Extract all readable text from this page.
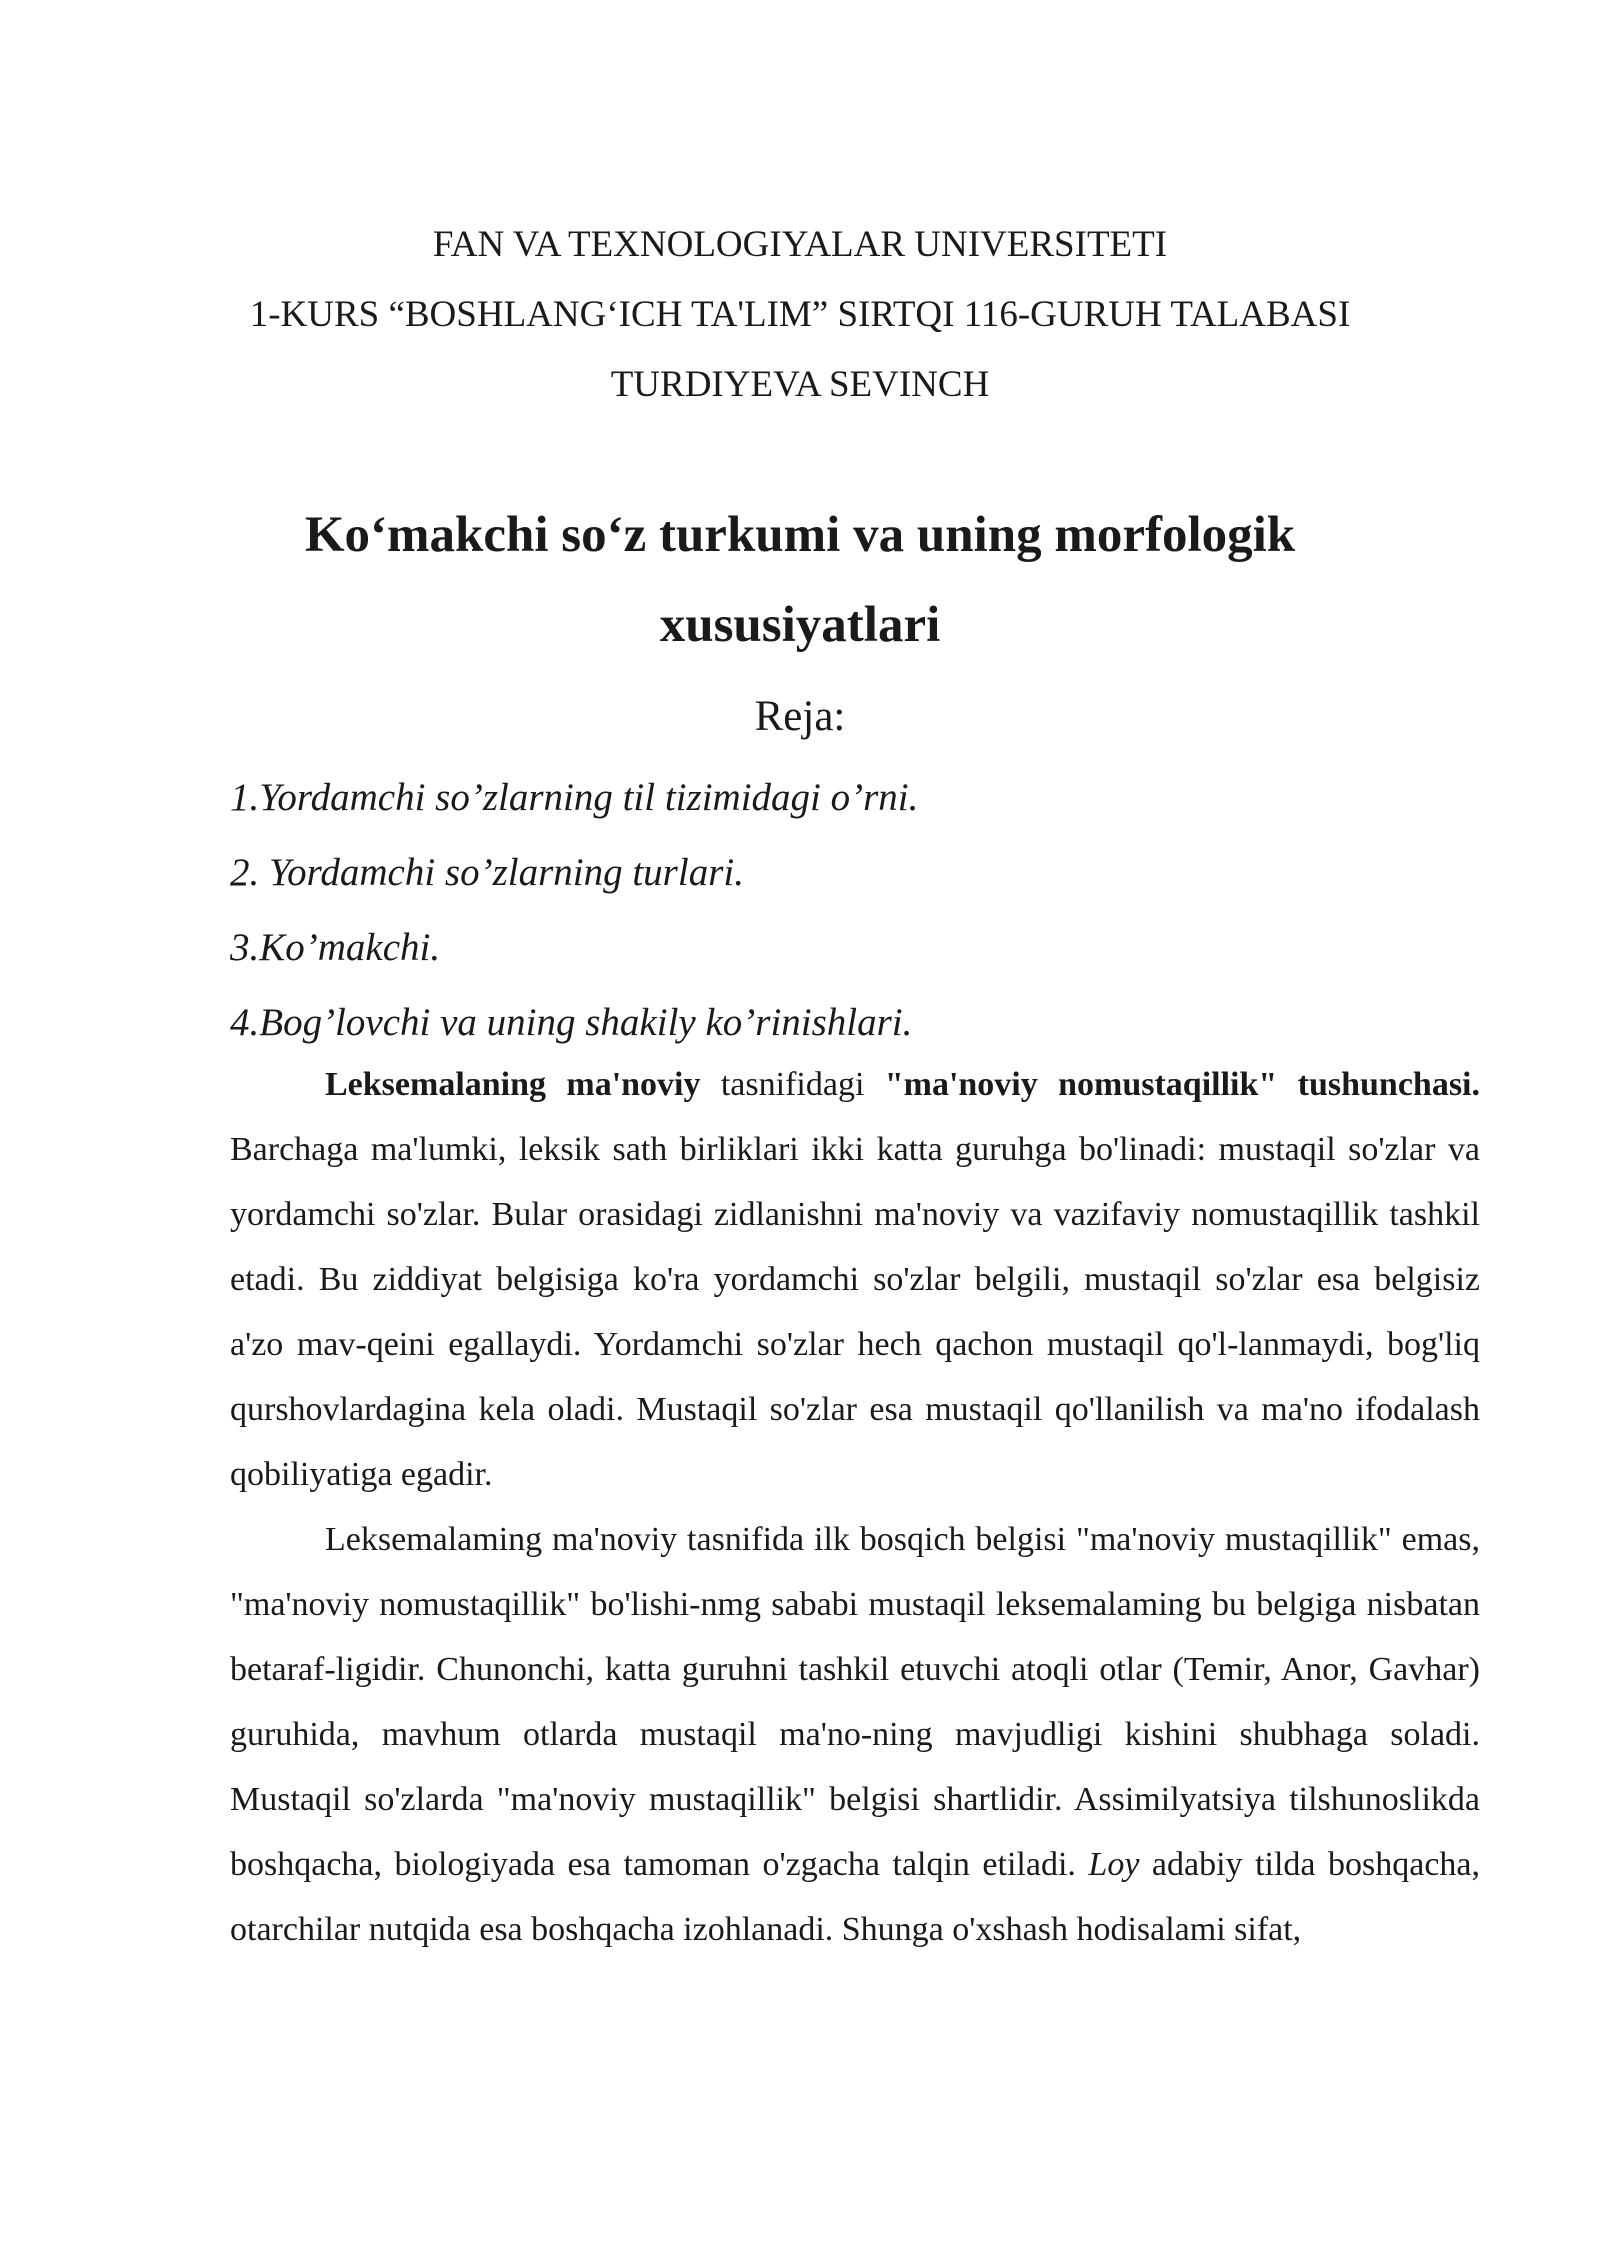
FAN VA TEXNOLOGIYALAR UNIVERSITETI
1-KURS “BOSHLANG‘ICH TA'LIM” SIRTQI 116-GURUH TALABASI
TURDIYEVA SEVINCH
Ko‘makchi so‘z turkumi va uning morfologik
xususiyatlari
Reja:
1.Yordamchi so’zlarning til tizimidagi o’rni.
2. Yordamchi so’zlarning turlari.
3.Ko’makchi.
4.Bog’lovchi va uning shakily ko’rinishlari.

Leksemalaning ma'noviy tasnifidagi "ma'noviy nomustaqillik" tushunchasi. Barchaga ma'lumki, leksik sath birliklari ikki katta guruhga bo'linadi: mustaqil so'zlar va yordamchi so'zlar. Bular orasidagi zidlanishni ma'noviy va vazifaviy nomustaqillik tashkil etadi. Bu ziddiyat belgisiga ko'ra yordamchi so'zlar belgili, mustaqil so'zlar esa belgisiz a'zo mav-qeini egallaydi. Yordamchi so'zlar hech qachon mustaqil qo'l-lanmaydi, bog'liq qurshovlardagina kela oladi. Mustaqil so'zlar esa mustaqil qo'llanilish va ma'no ifodalash qobiliyatiga egadir.

Leksemalaming ma'noviy tasnifida ilk bosqich belgisi "ma'noviy mustaqillik" emas, "ma'noviy nomustaqillik" bo'lishi-nmg sababi mustaqil leksemalaming bu belgiga nisbatan betaraf-ligidir. Chunonchi, katta guruhni tashkil etuvchi atoqli otlar (Temir, Anor, Gavhar) guruhida, mavhum otlarda mustaqil ma'no-ning mavjudligi kishini shubhaga soladi. Mustaqil so'zlarda "ma'noviy mustaqillik" belgisi shartlidir. Assimilyatsiya tilshunoslikda boshqacha, biologiyada esa tamoman o'zgacha talqin etiladi. Loy adabiy tilda boshqacha, otarchilar nutqida esa boshqacha izohlanadi. Shunga o'xshash hodisalami sifat,
